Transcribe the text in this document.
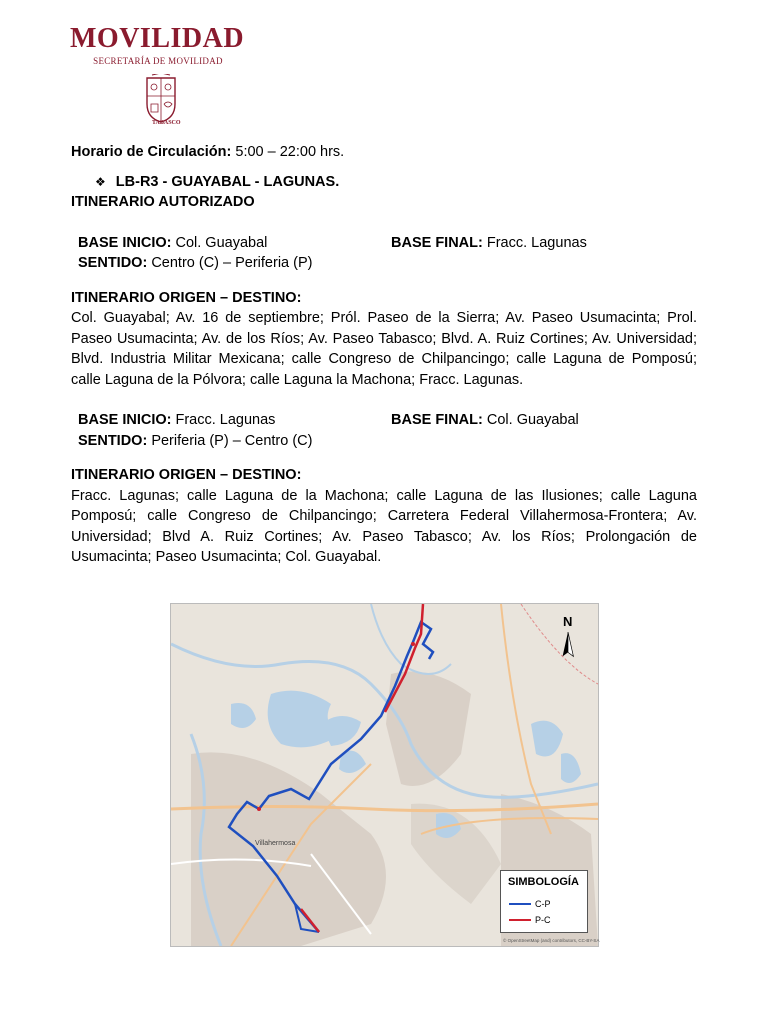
MOVILIDAD
SECRETARÍA DE MOVILIDAD
TABASCO

Horario de Circulación: 5:00 – 22:00 hrs.

❖ LB-R3 - GUAYABAL - LAGUNAS.

ITINERARIO AUTORIZADO

BASE INICIO: Col. Guayabal
SENTIDO: Centro (C) – Periferia (P)
BASE FINAL: Fracc. Lagunas

ITINERARIO ORIGEN – DESTINO:

Col. Guayabal; Av. 16 de septiembre; Pról. Paseo de la Sierra; Av. Paseo Usumacinta; Prol. Paseo Usumacinta; Av. de los Ríos; Av. Paseo Tabasco; Blvd. A. Ruiz Cortines; Av. Universidad; Blvd. Industria Militar Mexicana; calle Congreso de Chilpancingo; calle Laguna de Pomposú; calle Laguna de la Pólvora; calle Laguna la Machona; Fracc. Lagunas.

BASE INICIO: Fracc. Lagunas
SENTIDO: Periferia (P) – Centro (C)
BASE FINAL: Col. Guayabal

ITINERARIO ORIGEN – DESTINO:

Fracc. Lagunas; calle Laguna de la Machona; calle Laguna de las Ilusiones; calle Laguna Pomposú; calle Congreso de Chilpancingo; Carretera Federal Villahermosa-Frontera; Av. Universidad; Blvd A. Ruiz Cortines; Av. Paseo Tabasco; Av. los Ríos; Prolongación de Usumacinta; Paseo Usumacinta; Col. Guayabal.

Villahermosa
N
SIMBOLOGÍA
C-P
P-C
© OpenStreetMap (and) contributors, CC-BY-SA
